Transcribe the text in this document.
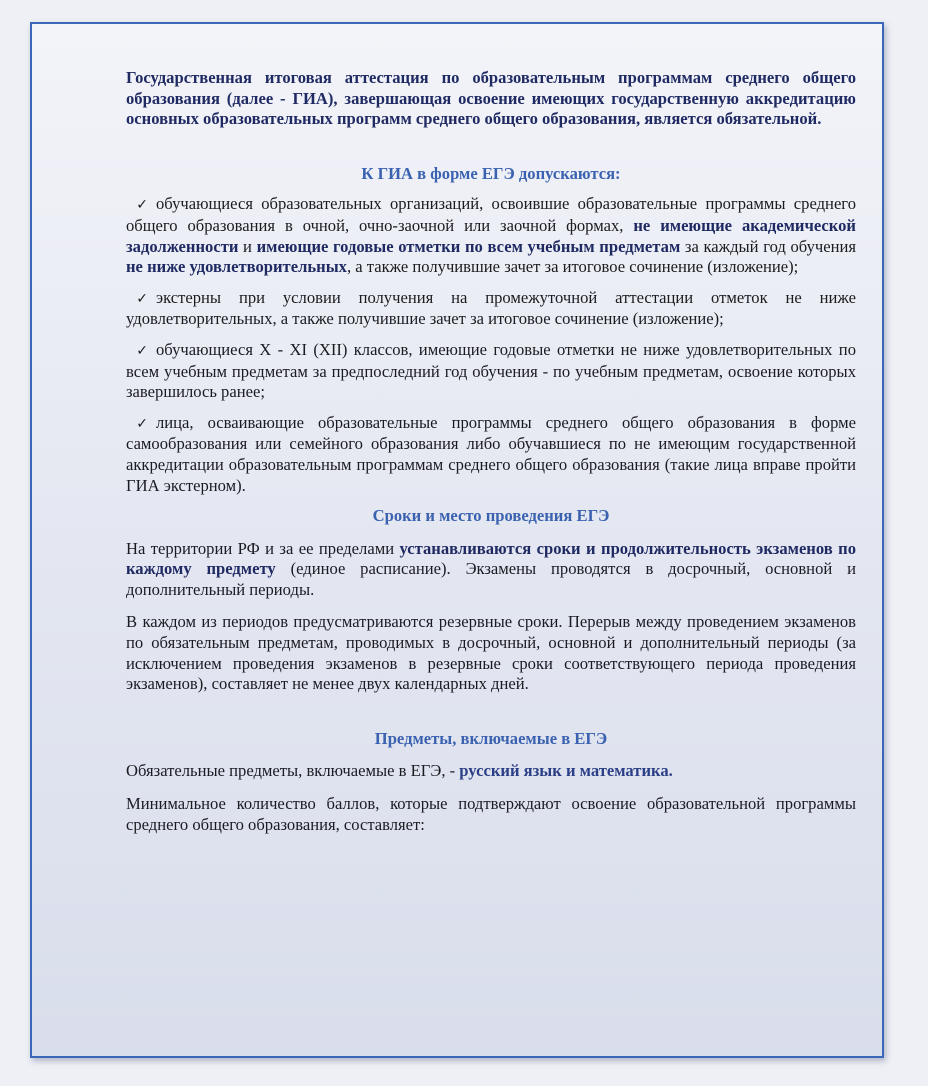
Государственная итоговая аттестация по образовательным программам среднего общего образования (далее - ГИА), завершающая освоение имеющих государственную аккредитацию основных образовательных программ среднего общего образования, является обязательной.

К ГИА в форме ЕГЭ допускаются:

✓ обучающиеся образовательных организаций, освоившие образовательные программы среднего общего образования в очной, очно-заочной или заочной формах, не имеющие академической задолженности и имеющие годовые отметки по всем учебным предметам за каждый год обучения не ниже удовлетворительных, а также получившие зачет за итоговое сочинение (изложение);

✓ экстерны при условии получения на промежуточной аттестации отметок не ниже удовлетворительных, а также получившие зачет за итоговое сочинение (изложение);

✓ обучающиеся X - XI (XII) классов, имеющие годовые отметки не ниже удовлетворительных по всем учебным предметам за предпоследний год обучения - по учебным предметам, освоение которых завершилось ранее;

✓ лица, осваивающие образовательные программы среднего общего образования в форме самообразования или семейного образования либо обучавшиеся по не имеющим государственной аккредитации образовательным программам среднего общего образования (такие лица вправе пройти ГИА экстерном).

Сроки и место проведения ЕГЭ

На территории РФ и за ее пределами устанавливаются сроки и продолжительность экзаменов по каждому предмету (единое расписание). Экзамены проводятся в досрочный, основной и дополнительный периоды.

В каждом из периодов предусматриваются резервные сроки. Перерыв между проведением экзаменов по обязательным предметам, проводимых в досрочный, основной и дополнительный периоды (за исключением проведения экзаменов в резервные сроки соответствующего периода проведения экзаменов), составляет не менее двух календарных дней.

Предметы, включаемые в ЕГЭ

Обязательные предметы, включаемые в ЕГЭ, - русский язык и математика.

Минимальное количество баллов, которые подтверждают освоение образовательной программы среднего общего образования, составляет:
